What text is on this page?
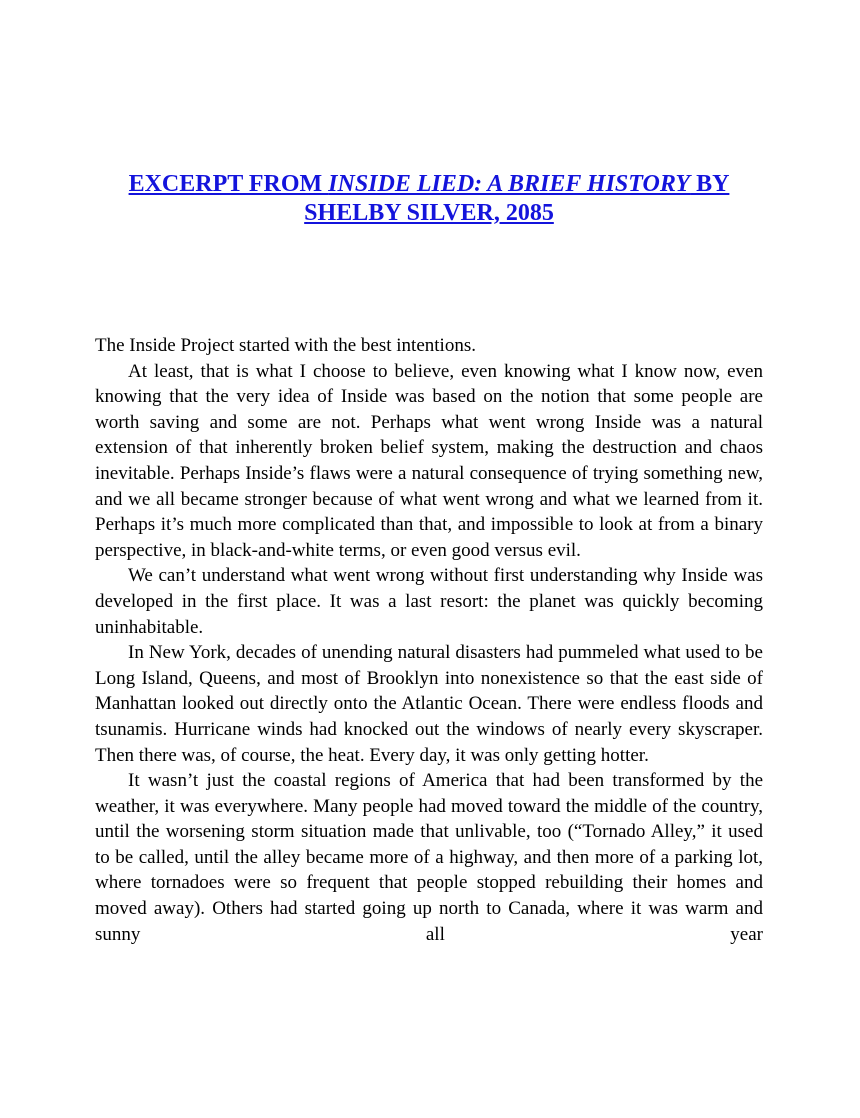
EXCERPT FROM INSIDE LIED: A BRIEF HISTORY BY SHELBY SILVER, 2085

The Inside Project started with the best intentions.

At least, that is what I choose to believe, even knowing what I know now, even knowing that the very idea of Inside was based on the notion that some people are worth saving and some are not. Perhaps what went wrong Inside was a natural extension of that inherently broken belief system, making the destruction and chaos inevitable. Perhaps Inside’s flaws were a natural consequence of trying something new, and we all became stronger because of what went wrong and what we learned from it. Perhaps it’s much more complicated than that, and impossible to look at from a binary perspective, in black-and-white terms, or even good versus evil.

We can’t understand what went wrong without first understanding why Inside was developed in the first place. It was a last resort: the planet was quickly becoming uninhabitable.

In New York, decades of unending natural disasters had pummeled what used to be Long Island, Queens, and most of Brooklyn into nonexistence so that the east side of Manhattan looked out directly onto the Atlantic Ocean. There were endless floods and tsunamis. Hurricane winds had knocked out the windows of nearly every skyscraper. Then there was, of course, the heat. Every day, it was only getting hotter.

It wasn’t just the coastal regions of America that had been transformed by the weather, it was everywhere. Many people had moved toward the middle of the country, until the worsening storm situation made that unlivable, too (“Tornado Alley,” it used to be called, until the alley became more of a highway, and then more of a parking lot, where tornadoes were so frequent that people stopped rebuilding their homes and moved away). Others had started going up north to Canada, where it was warm and sunny all year
